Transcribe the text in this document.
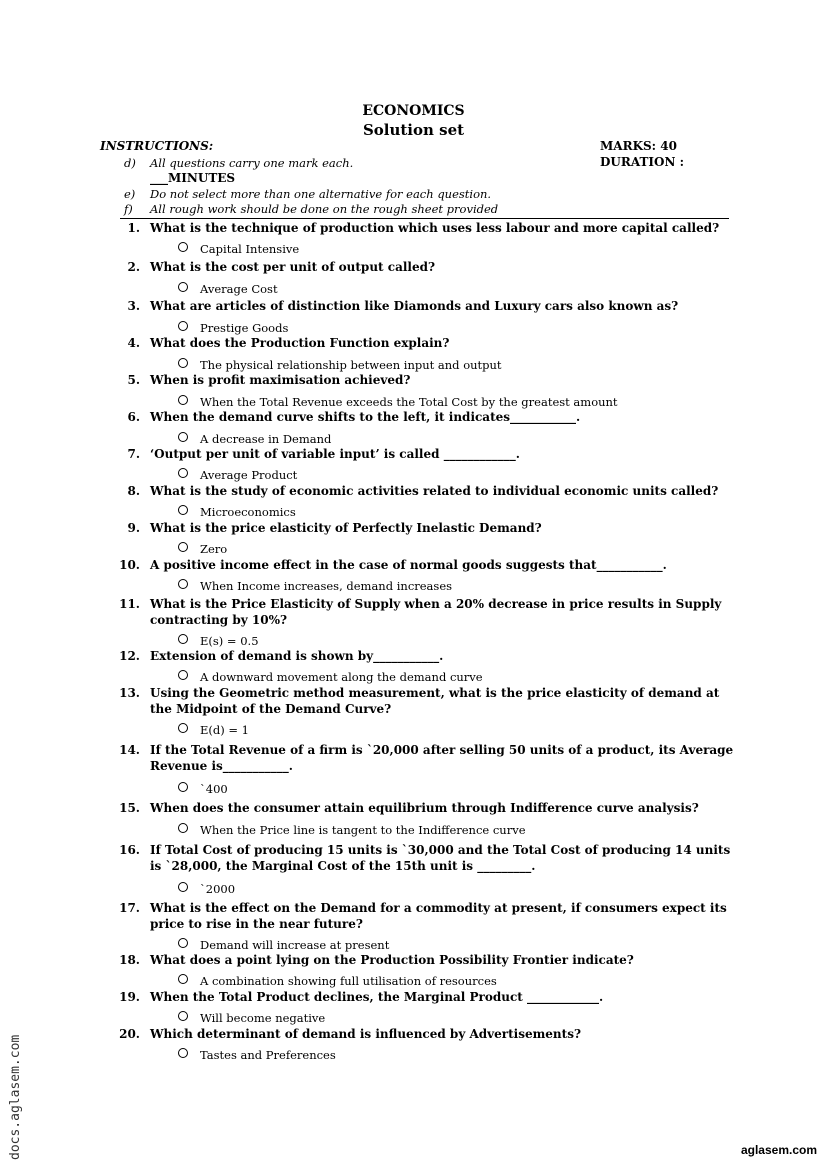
ECONOMICS
Solution set
INSTRUCTIONS:	MARKS: 40
DURATION :
d)	All questions carry one mark each.
___MINUTES
e)	Do not select more than one alternative for each question.
f)	All rough work should be done on the rough sheet provided
1. What is the technique of production which uses less labour and more capital called?
Capital Intensive
2. What is the cost per unit of output called?
Average Cost
3. What are articles of distinction like Diamonds and Luxury cars also known as?
Prestige Goods
4. What does the Production Function explain?
The physical relationship between input and output
5. When is profit maximisation achieved?
When the Total Revenue exceeds the Total Cost by the greatest amount
6. When the demand curve shifts to the left, it indicates___________.
A decrease in Demand
7. ‘Output per unit of variable input’ is called ____________.
Average Product
8. What is the study of economic activities related to individual economic units called?
Microeconomics
9. What is the price elasticity of Perfectly Inelastic Demand?
Zero
10. A positive income effect in the case of normal goods suggests that___________.
When Income increases, demand increases
11. What is the Price Elasticity of Supply when a 20% decrease in price results in Supply contracting by 10%?
E(s) = 0.5
12. Extension of demand is shown by___________.
A downward movement along the demand curve
13. Using the Geometric method measurement, what is the price elasticity of demand at the Midpoint of the Demand Curve?
E(d) = 1
14. If the Total Revenue of a firm is `20,000 after selling 50 units of a product, its Average Revenue is___________.
`400
15. When does the consumer attain equilibrium through Indifference curve analysis?
When the Price line is tangent to the Indifference curve
16. If Total Cost of producing 15 units is `30,000 and the Total Cost of producing 14 units is `28,000, the Marginal Cost of the 15th unit is _________.
`2000
17. What is the effect on the Demand for a commodity at present, if consumers expect its price to rise in the near future?
Demand will increase at present
18. What does a point lying on the Production Possibility Frontier indicate?
A combination showing full utilisation of resources
19. When the Total Product declines, the Marginal Product ____________.
Will become negative
20. Which determinant of demand is influenced by Advertisements?
Tastes and Preferences
docs.aglasem.com	aglasem.com
